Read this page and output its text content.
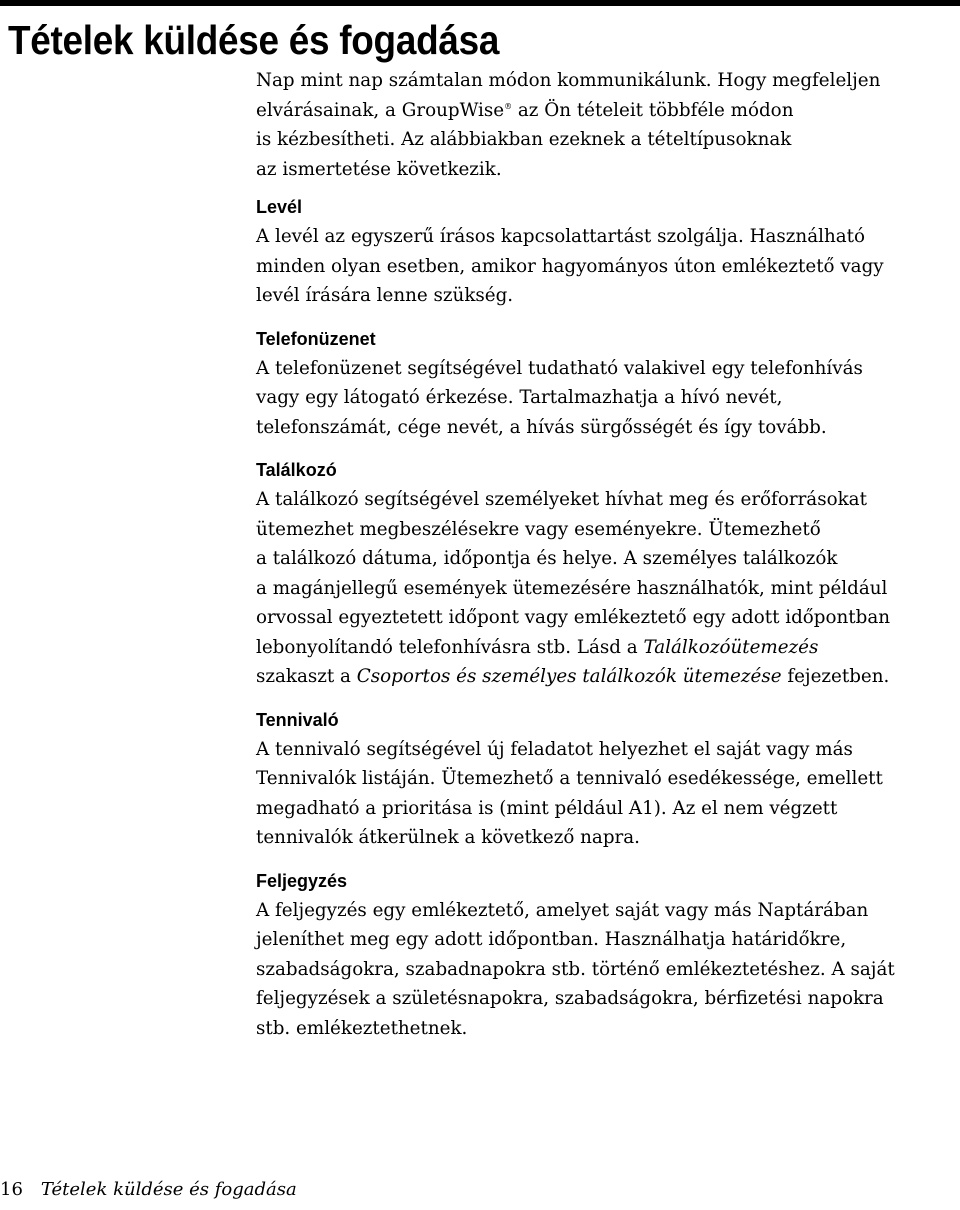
Tételek küldése és fogadása

Nap mint nap számtalan módon kommunikálunk. Hogy megfeleljen
elvárásainak, a GroupWise® az Ön tételeit többféle módon
is kézbesítheti. Az alábbiakban ezeknek a tételtípusoknak
az ismertetése következik.

Levél

A levél az egyszerű írásos kapcsolattartást szolgálja. Használható
minden olyan esetben, amikor hagyományos úton emlékeztető vagy
levél írására lenne szükség.

Telefonüzenet

A telefonüzenet segítségével tudatható valakivel egy telefonhívás
vagy egy látogató érkezése. Tartalmazhatja a hívó nevét,
telefonszámát, cége nevét, a hívás sürgősségét és így tovább.

Találkozó

A találkozó segítségével személyeket hívhat meg és erőforrásokat
ütemezhet megbeszélésekre vagy eseményekre. Ütemezhető
a találkozó dátuma, időpontja és helye. A személyes találkozók
a magánjellegű események ütemezésére használhatók, mint például
orvossal egyeztetett időpont vagy emlékeztető egy adott időpontban
lebonyolítandó telefonhívásra stb. Lásd a Találkozóütemezés
szakaszt a Csoportos és személyes találkozók ütemezése fejezetben.

Tennivaló

A tennivaló segítségével új feladatot helyezhet el saját vagy más
Tennivalók listáján. Ütemezhető a tennivaló esedékessége, emellett
megadható a prioritása is (mint például A1). Az el nem végzett
tennivalók átkerülnek a következő napra.

Feljegyzés

A feljegyzés egy emlékeztető, amelyet saját vagy más Naptárában
jeleníthet meg egy adott időpontban. Használhatja határidőkre,
szabadságokra, szabadnapokra stb. történő emlékeztetéshez. A saját
feljegyzések a születésnapokra, szabadságokra, bérfizetési napokra
stb. emlékeztethetnek.

16 Tételek küldése és fogadása
